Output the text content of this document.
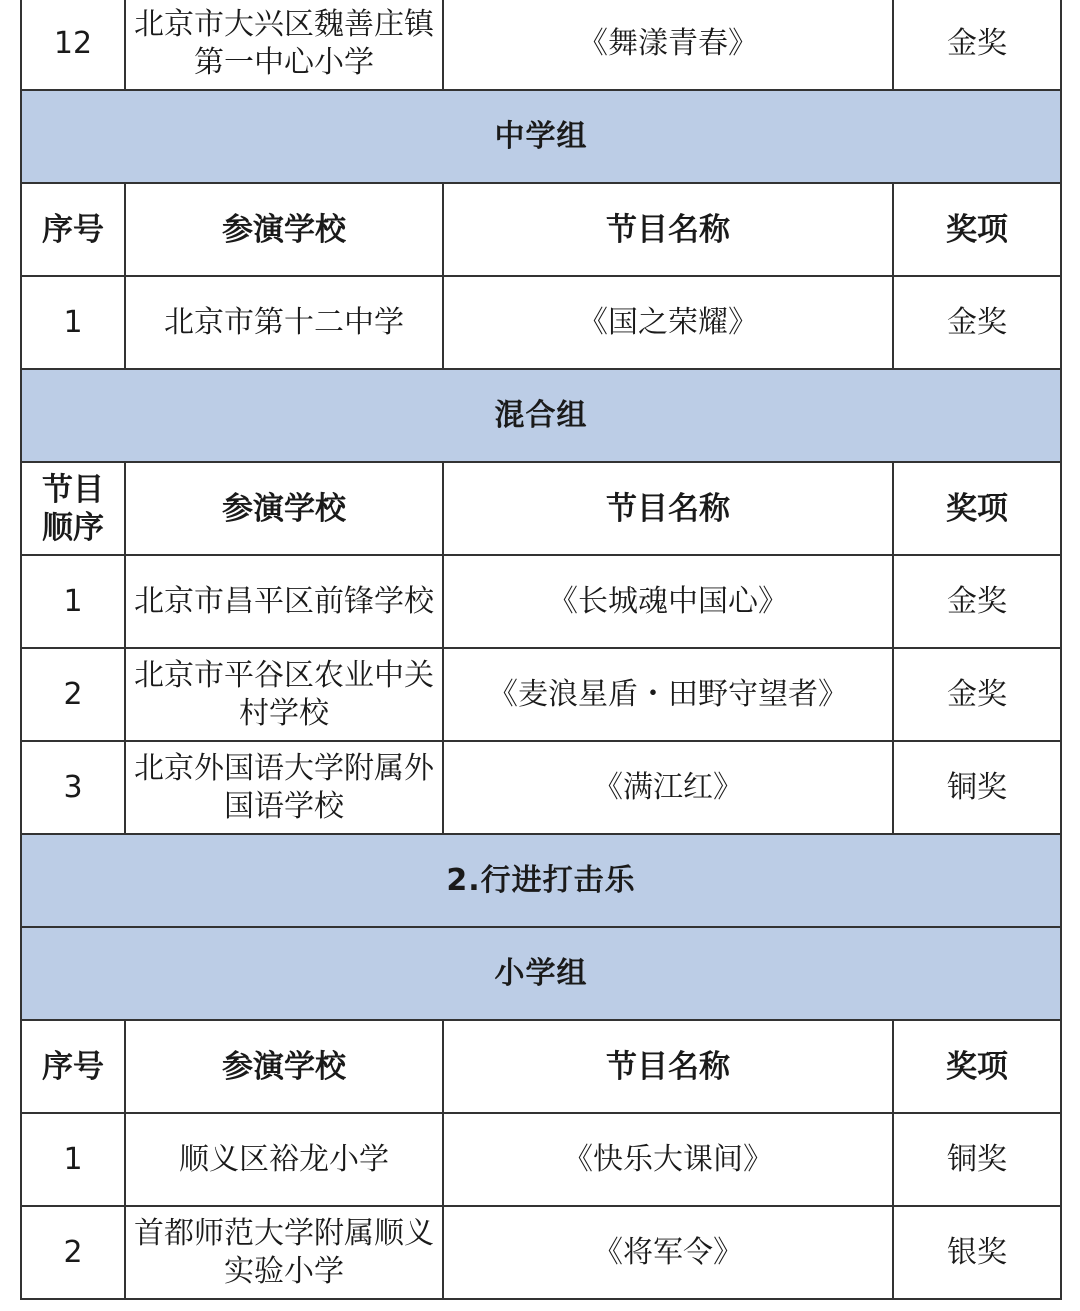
12	北京市大兴区魏善庄镇第一中心小学	《舞漾青春》	金奖
中学组			
序号	参演学校	节目名称	奖项
1	北京市第十二中学	《国之荣耀》	金奖
混合组			
节目顺序	参演学校	节目名称	奖项
1	北京市昌平区前锋学校	《长城魂中国心》	金奖
2	北京市平谷区农业中关村学校	《麦浪星盾・田野守望者》	金奖
3	北京外国语大学附属外国语学校	《满江红》	铜奖
2.行进打击乐			
小学组			
序号	参演学校	节目名称	奖项
1	顺义区裕龙小学	《快乐大课间》	铜奖
2	首都师范大学附属顺义实验小学	《将军令》	银奖
